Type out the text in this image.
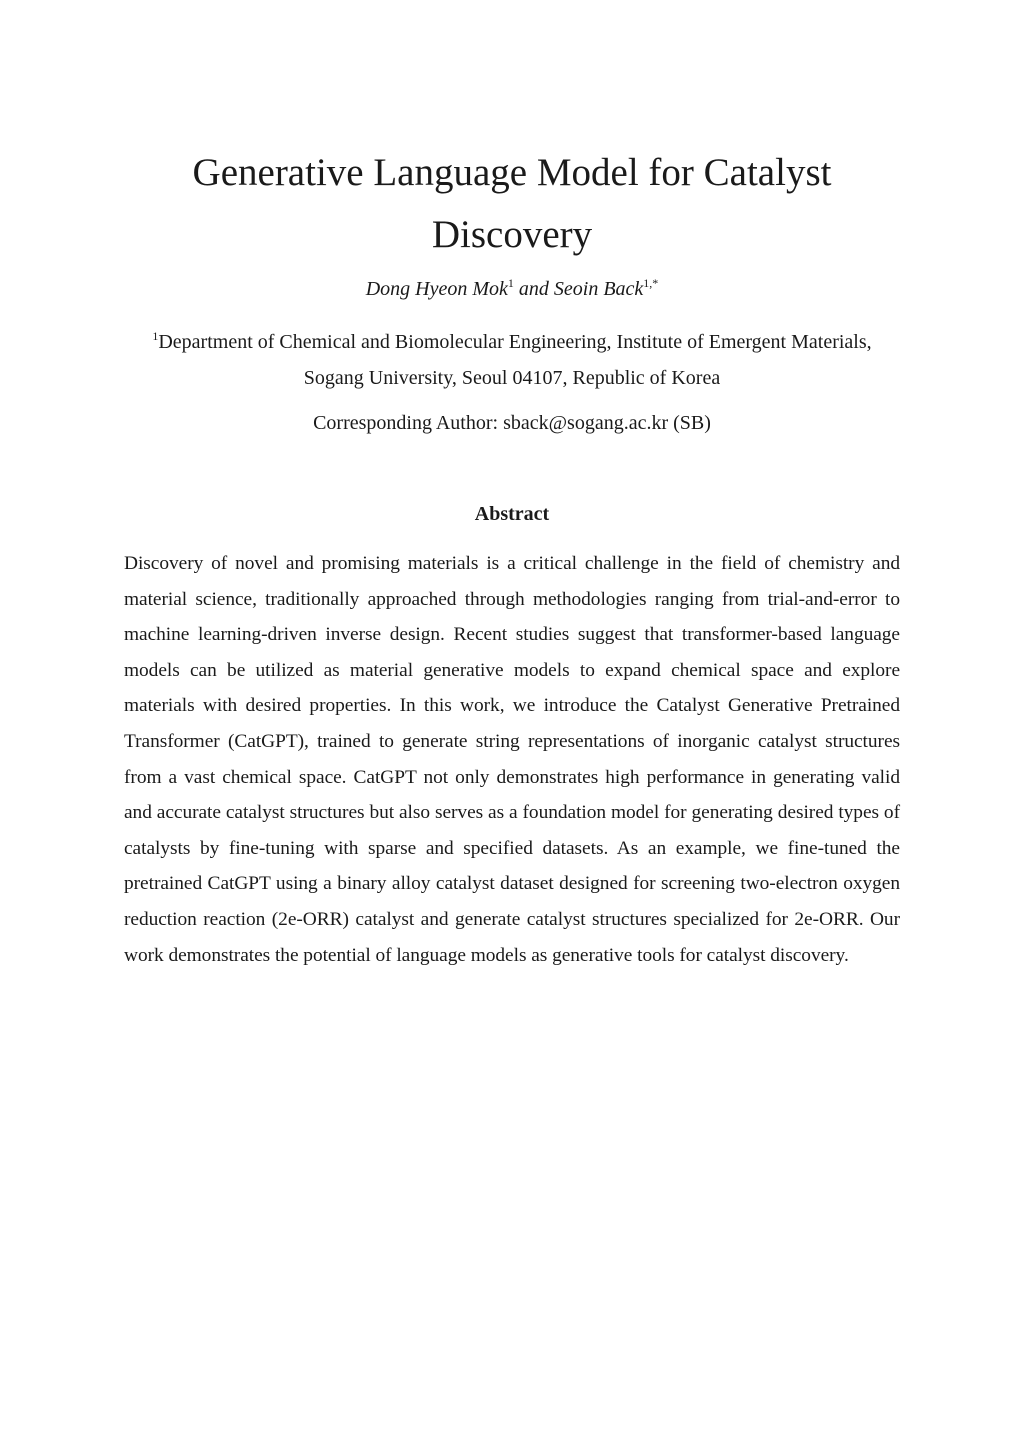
Generative Language Model for Catalyst Discovery
Dong Hyeon Mok$^1$ and Seoin Back$^{1,*}$
$^1$Department of Chemical and Biomolecular Engineering, Institute of Emergent Materials,
Sogang University, Seoul 04107, Republic of Korea
Corresponding Author: sback@sogang.ac.kr (SB)
Abstract

Discovery of novel and promising materials is a critical challenge in the field of chemistry and material science, traditionally approached through methodologies ranging from trial-and-error to machine learning-driven inverse design. Recent studies suggest that transformer-based language models can be utilized as material generative models to expand chemical space and explore materials with desired properties. In this work, we introduce the Catalyst Generative Pretrained Transformer (CatGPT), trained to generate string representations of inorganic catalyst structures from a vast chemical space. CatGPT not only demonstrates high performance in generating valid and accurate catalyst structures but also serves as a foundation model for generating desired types of catalysts by fine-tuning with sparse and specified datasets. As an example, we fine-tuned the pretrained CatGPT using a binary alloy catalyst dataset designed for screening two-electron oxygen reduction reaction (2e-ORR) catalyst and generate catalyst structures specialized for 2e-ORR. Our work demonstrates the potential of language models as generative tools for catalyst discovery.
